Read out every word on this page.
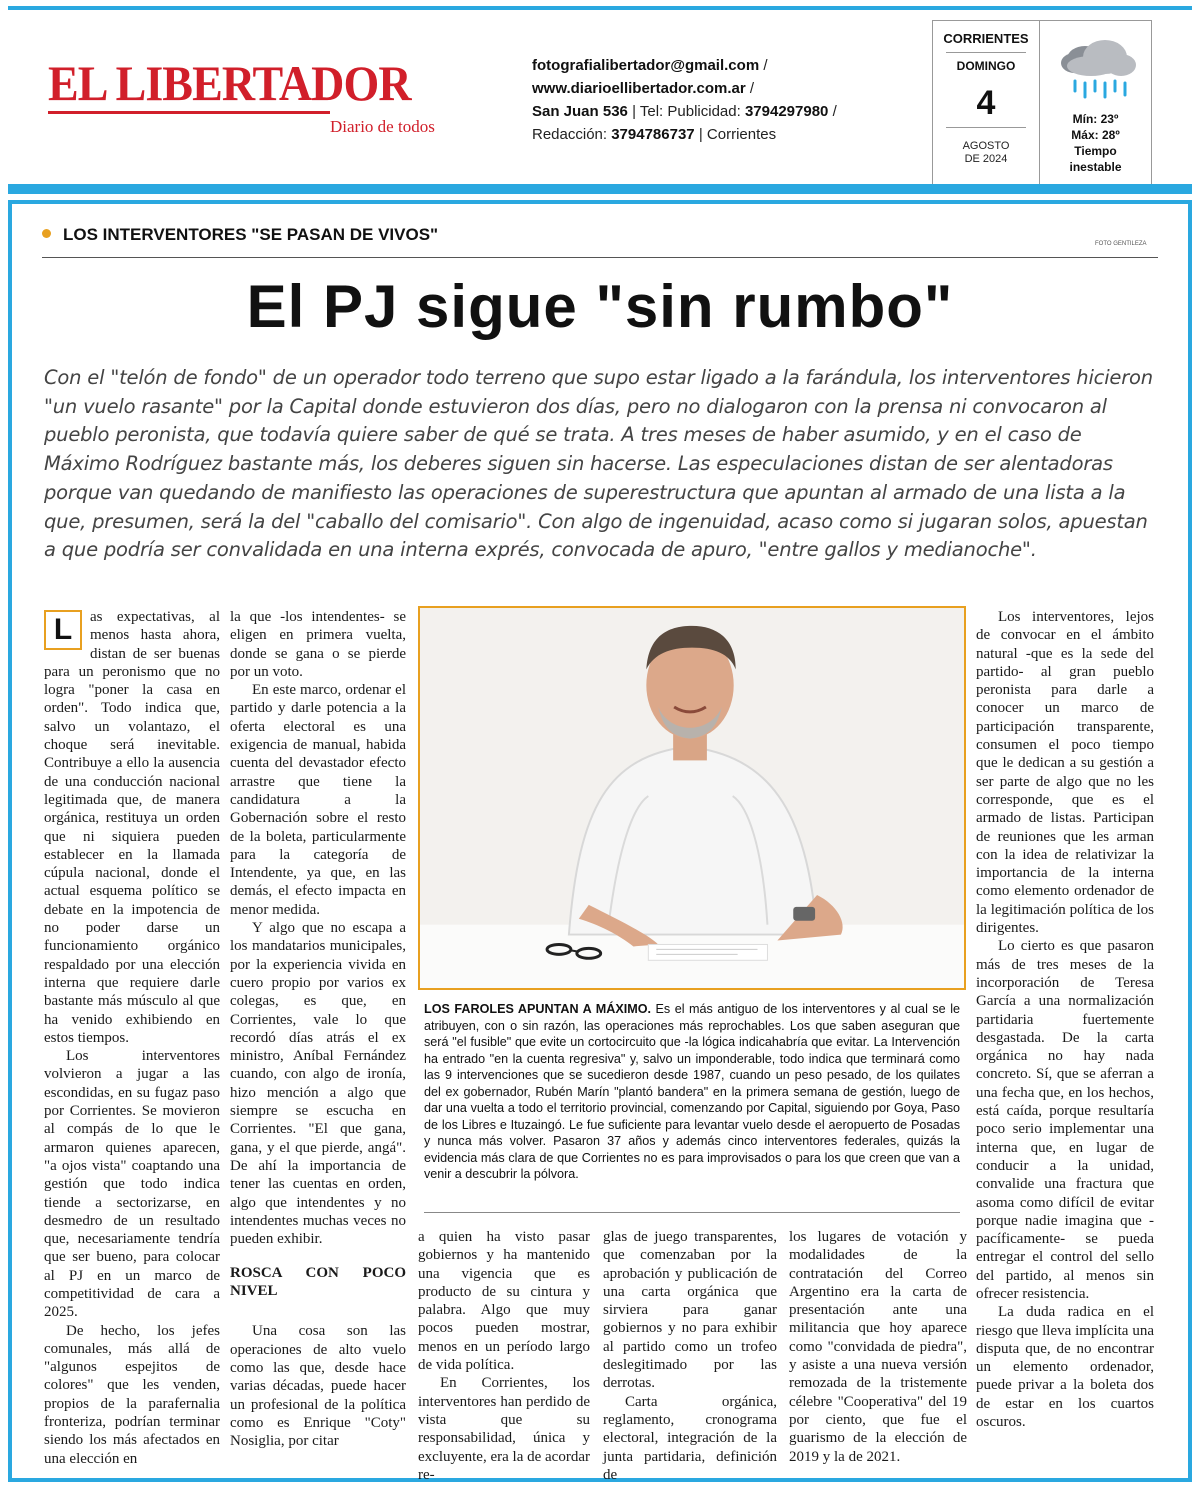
EL LIBERTADOR
Diario de todos
fotografialibertador@gmail.com /
www.diarioellibertador.com.ar /
San Juan 536 | Tel: Publicidad: 3794297980 /
Redacción: 3794786737 | Corrientes
CORRIENTES
DOMINGO
4
AGOSTO
DE 2024
Mín: 23º
Máx: 28º
Tiempo
inestable
LOS INTERVENTORES "SE PASAN DE VIVOS"	FOTO GENTILEZA
El PJ sigue "sin rumbo"

Con el "telón de fondo" de un operador todo terreno que supo estar ligado a la farándula, los interventores hicieron "un vuelo rasante" por la Capital donde estuvieron dos días, pero no dialogaron con la prensa ni convocaron al pueblo peronista, que todavía quiere saber de qué se trata. A tres meses de haber asumido, y en el caso de Máximo Rodríguez bastante más, los deberes siguen sin hacerse. Las especulaciones distan de ser alentadoras porque van quedando de manifiesto las operaciones de superestructura que apuntan al armado de una lista a la que, presumen, será la del "caballo del comisario". Con algo de ingenuidad, acaso como si jugaran solos, apuestan a que podría ser convalidada en una interna exprés, convocada de apuro, "entre gallos y medianoche".

L	as expectativas, al menos hasta ahora, distan de ser buenas para un peronismo que no logra "poner la casa en orden". Todo indica que, salvo un volantazo, el choque será inevitable. Contribuye a ello la ausencia de una conducción nacional legitimada que, de manera orgánica, restituya un orden que ni siquiera pueden establecer en la llamada cúpula nacional, donde el actual esquema político se debate en la impotencia de no poder darse un funcionamiento orgánico respaldado por una elección interna que requiere darle bastante más músculo al que ha venido exhibiendo en estos tiempos.

Los interventores volvieron a jugar a las escondidas, en su fugaz paso por Corrientes. Se movieron al compás de lo que le armaron quienes aparecen, "a ojos vista" coaptando una gestión que todo indica tiende a sectorizarse, en desmedro de un resultado que, necesariamente tendría que ser bueno, para colocar al PJ en un marco de competitividad de cara a 2025.

De hecho, los jefes comunales, más allá de "algunos espejitos de colores" que les venden, propios de la parafernalia fronteriza, podrían terminar siendo los más afectados en una elección en

la que -los intendentes- se eligen en primera vuelta, donde se gana o se pierde por un voto.

En este marco, ordenar el partido y darle potencia a la oferta electoral es una exigencia de manual, habida cuenta del devastador efecto arrastre que tiene la candidatura a la Gobernación sobre el resto de la boleta, particularmente para la categoría de Intendente, ya que, en las demás, el efecto impacta en menor medida.

Y algo que no escapa a los mandatarios municipales, por la experiencia vivida en cuero propio por varios ex colegas, es que, en Corrientes, vale lo que recordó días atrás el ex ministro, Aníbal Fernández cuando, con algo de ironía, hizo mención a algo que siempre se escucha en Corrientes. "El que gana, gana, y el que pierde, angá". De ahí la importancia de tener las cuentas en orden, algo que intendentes y no intendentes muchas veces no pueden exhibir.

ROSCA CON POCO NIVEL

Una cosa son las operaciones de alto vuelo como las que, desde hace varias décadas, puede hacer un profesional de la política como es Enrique "Coty" Nosiglia, por citar

LOS FAROLES APUNTAN A MÁXIMO. Es el más antiguo de los interventores y al cual se le atribuyen, con o sin razón, las operaciones más reprochables. Los que saben aseguran que será "el fusible" que evite un cortocircuito que -la lógica indicahabría que evitar. La Intervención ha entrado "en la cuenta regresiva" y, salvo un imponderable, todo indica que terminará como las 9 intervenciones que se sucedieron desde 1987, cuando un peso pesado, de los quilates del ex gobernador, Rubén Marín "plantó bandera" en la primera semana de gestión, luego de dar una vuelta a todo el territorio provincial, comenzando por Capital, siguiendo por Goya, Paso de los Libres e Ituzaingó. Le fue suficiente para levantar vuelo desde el aeropuerto de Posadas y nunca más volver. Pasaron 37 años y además cinco interventores federales, quizás la evidencia más clara de que Corrientes no es para improvisados o para los que creen que van a venir a descubrir la pólvora.

a quien ha visto pasar gobiernos y ha mantenido una vigencia que es producto de su cintura y palabra. Algo que muy pocos pueden mostrar, menos en un período largo de vida política.

En Corrientes, los interventores han perdido de vista que su responsabilidad, única y excluyente, era la de acordar re-

glas de juego transparentes, que comenzaban por la aprobación y publicación de una carta orgánica que sirviera para ganar gobiernos y no para exhibir al partido como un trofeo deslegitimado por las derrotas.

Carta orgánica, reglamento, cronograma electoral, integración de la junta partidaria, definición de

los lugares de votación y modalidades de la contratación del Correo Argentino era la carta de presentación ante una militancia que hoy aparece como "convidada de piedra", y asiste a una nueva versión remozada de la tristemente célebre "Cooperativa" del 19 por ciento, que fue el guarismo de la elección de 2019 y la de 2021.

Los interventores, lejos de convocar en el ámbito natural -que es la sede del partido- al gran pueblo peronista para darle a conocer un marco de participación transparente, consumen el poco tiempo que le dedican a su gestión a ser parte de algo que no les corresponde, que es el armado de listas. Participan de reuniones que les arman con la idea de relativizar la importancia de la interna como elemento ordenador de la legitimación política de los dirigentes.

Lo cierto es que pasaron más de tres meses de la incorporación de Teresa García a una normalización partidaria fuertemente desgastada. De la carta orgánica no hay nada concreto. Sí, que se aferran a una fecha que, en los hechos, está caída, porque resultaría poco serio implementar una interna que, en lugar de conducir a la unidad, convalide una fractura que asoma como difícil de evitar porque nadie imagina que -pacíficamente- se pueda entregar el control del sello del partido, al menos sin ofrecer resistencia.

La duda radica en el riesgo que lleva implícita una disputa que, de no encontrar un elemento ordenador, puede privar a la boleta dos de estar en los cuartos oscuros.
